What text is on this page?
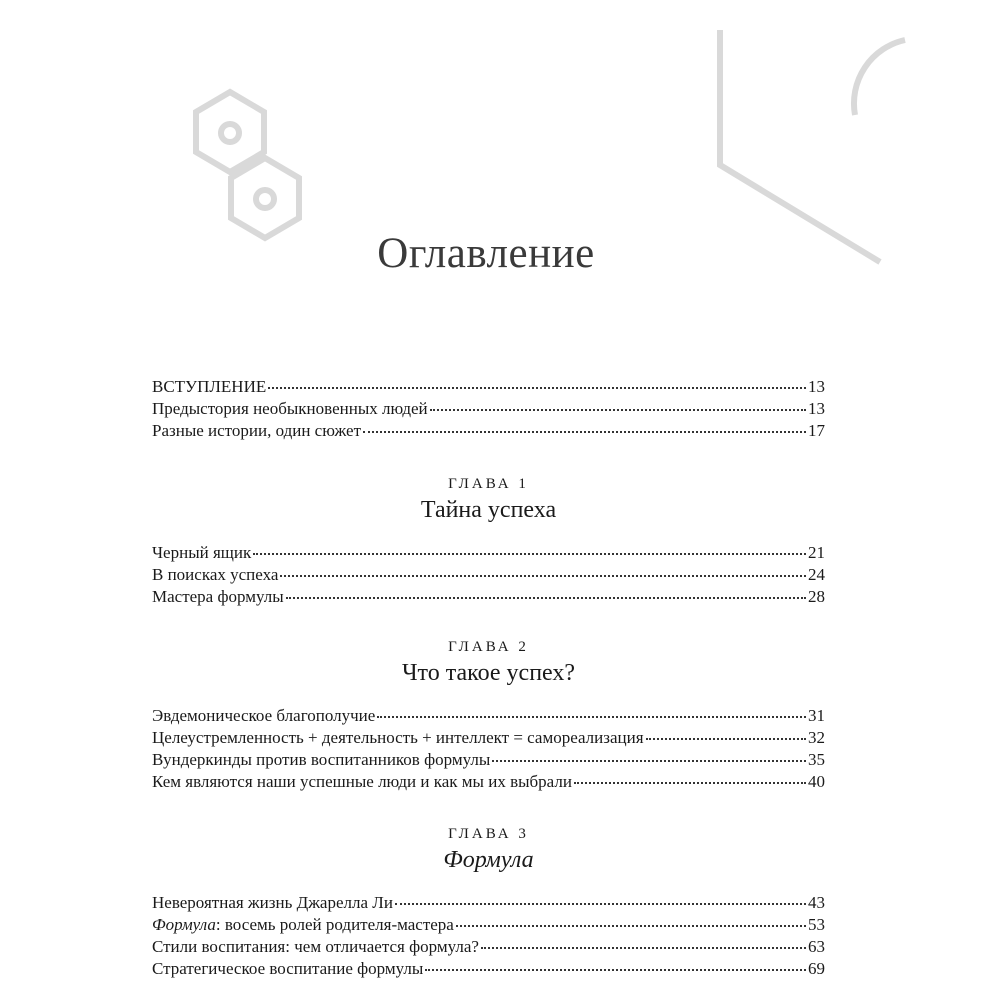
Оглавление
ВСТУПЛЕНИЕ	13
Предыстория необыкновенных людей	13
Разные истории, один сюжет	17
ГЛАВА 1
Тайна успеха
Черный ящик	21
В поисках успеха	24
Мастера формулы	28
ГЛАВА 2
Что такое успех?
Эвдемоническое благополучие	31
Целеустремленность + деятельность + интеллект = самореализация	32
Вундеркинды против воспитанников формулы	35
Кем являются наши успешные люди и как мы их выбрали	40
ГЛАВА 3
Формула
Невероятная жизнь Джарелла Ли	43
Формула: восемь ролей родителя-мастера	53
Стили воспитания: чем отличается формула?	63
Стратегическое воспитание формулы	69
